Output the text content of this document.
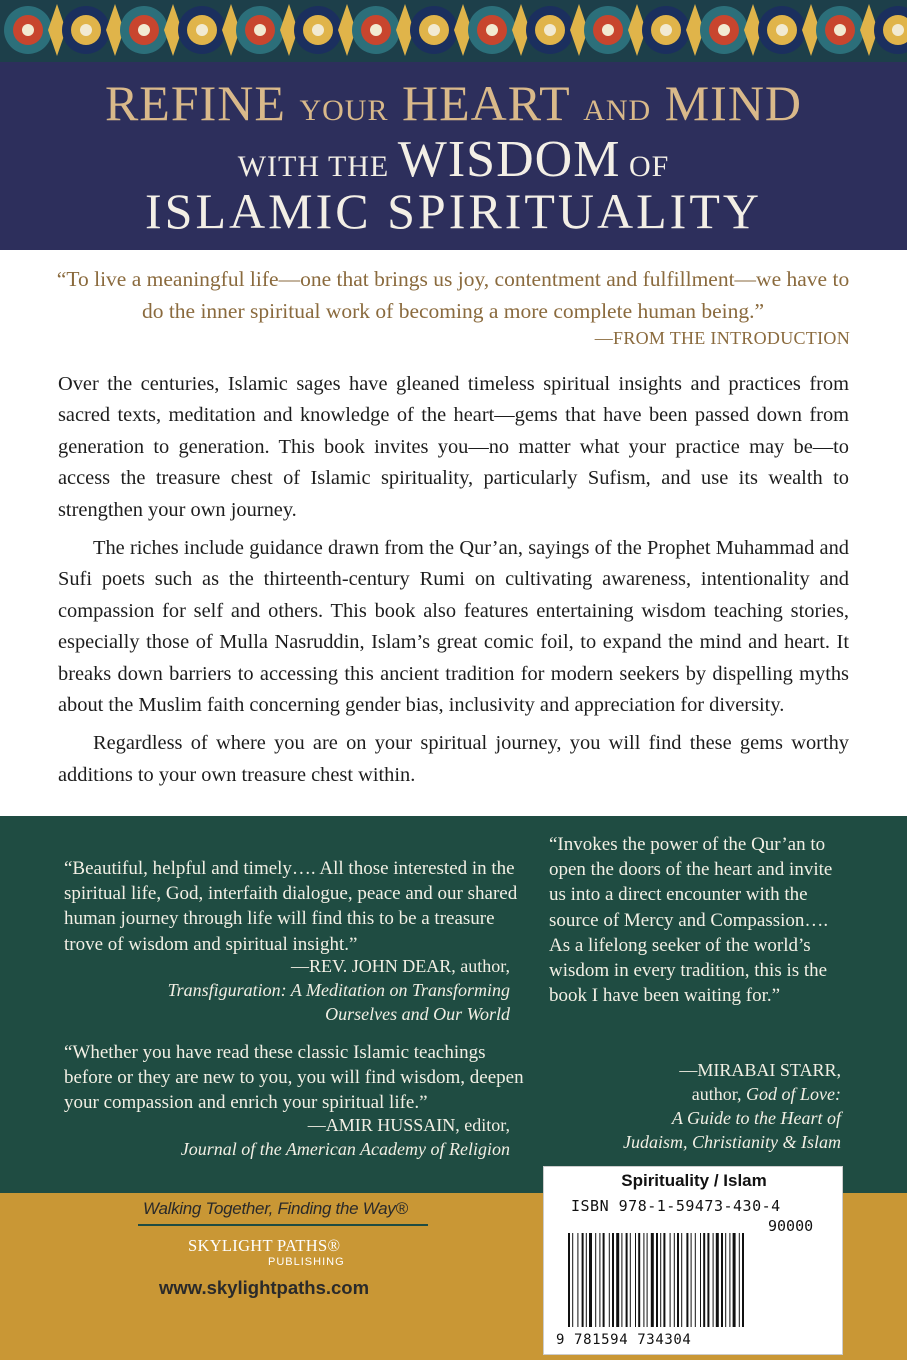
REFINE YOUR HEART AND MIND
WITH THE WISDOM OF
ISLAMIC SPIRITUALITY
“To live a meaningful life—one that brings us joy, contentment and fulfillment—we have to do the inner spiritual work of becoming a more complete human being.”
—FROM THE INTRODUCTION

Over the centuries, Islamic sages have gleaned timeless spiritual insights and practices from sacred texts, meditation and knowledge of the heart—gems that have been passed down from generation to generation. This book invites you—no matter what your practice may be—to access the treasure chest of Islamic spirituality, particularly Sufism, and use its wealth to strengthen your own journey.

The riches include guidance drawn from the Qur’an, sayings of the Prophet Muhammad and Sufi poets such as the thirteenth-century Rumi on cultivating awareness, intentionality and compassion for self and others. This book also features entertaining wisdom teaching stories, especially those of Mulla Nasruddin, Islam’s great comic foil, to expand the mind and heart. It breaks down barriers to accessing this ancient tradition for modern seekers by dispelling myths about the Muslim faith concerning gender bias, inclusivity and appreciation for diversity.

Regardless of where you are on your spiritual journey, you will find these gems worthy additions to your own treasure chest within.

“Beautiful, helpful and timely…. All those interested in the spiritual life, God, interfaith dialogue, peace and our shared human journey through life will find this to be a treasure trove of wisdom and spiritual insight.”
—REV. JOHN DEAR, author,
Transfiguration: A Meditation on Transforming Ourselves and Our World
“Whether you have read these classic Islamic teachings before or they are new to you, you will find wisdom, deepen your compassion and enrich your spiritual life.”
—AMIR HUSSAIN, editor,
Journal of the American Academy of Religion
“Invokes the power of the Qur’an to open the doors of the heart and invite us into a direct encounter with the source of Mercy and Compassion…. As a lifelong seeker of the world’s wisdom in every tradition, this is the book I have been waiting for.”
—MIRABAI STARR,
author, God of Love:
A Guide to the Heart of
Judaism, Christianity & Islam
Walking Together, Finding the Way®
SKYLIGHT PATHS®
PUBLISHING
www.skylightpaths.com
Spirituality / Islam
ISBN 978-1-59473-430-4
90000
9 781594 734304
